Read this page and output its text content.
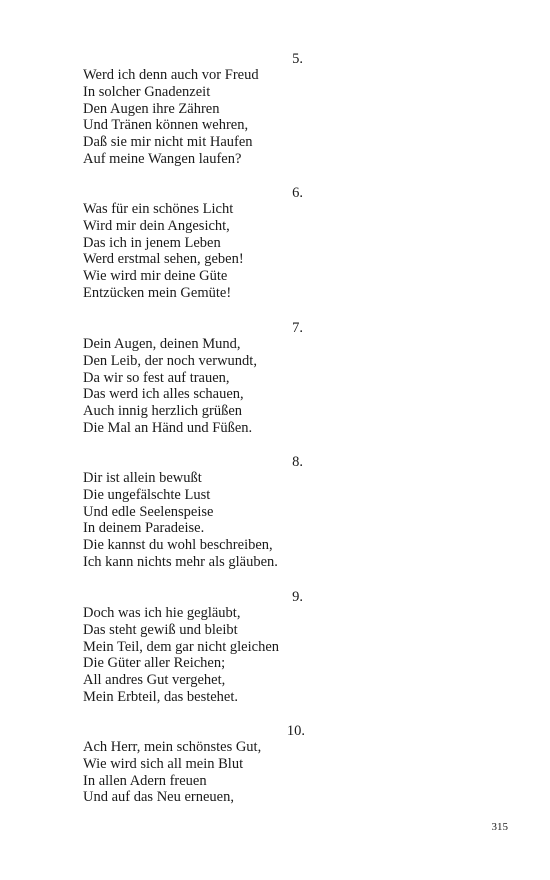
5.
Werd ich denn auch vor Freud
In solcher Gnadenzeit
Den Augen ihre Zähren
Und Tränen können wehren,
Daß sie mir nicht mit Haufen
Auf meine Wangen laufen?
6.
Was für ein schönes Licht
Wird mir dein Angesicht,
Das ich in jenem Leben
Werd erstmal sehen, geben!
Wie wird mir deine Güte
Entzücken mein Gemüte!
7.
Dein Augen, deinen Mund,
Den Leib, der noch verwundt,
Da wir so fest auf trauen,
Das werd ich alles schauen,
Auch innig herzlich grüßen
Die Mal an Händ und Füßen.
8.
Dir ist allein bewußt
Die ungefälschte Lust
Und edle Seelenspeise
In deinem Paradeise.
Die kannst du wohl beschreiben,
Ich kann nichts mehr als gläuben.
9.
Doch was ich hie gegläubt,
Das steht gewiß und bleibt
Mein Teil, dem gar nicht gleichen
Die Güter aller Reichen;
All andres Gut vergehet,
Mein Erbteil, das bestehet.
10.
Ach Herr, mein schönstes Gut,
Wie wird sich all mein Blut
In allen Adern freuen
Und auf das Neu erneuen,
315
